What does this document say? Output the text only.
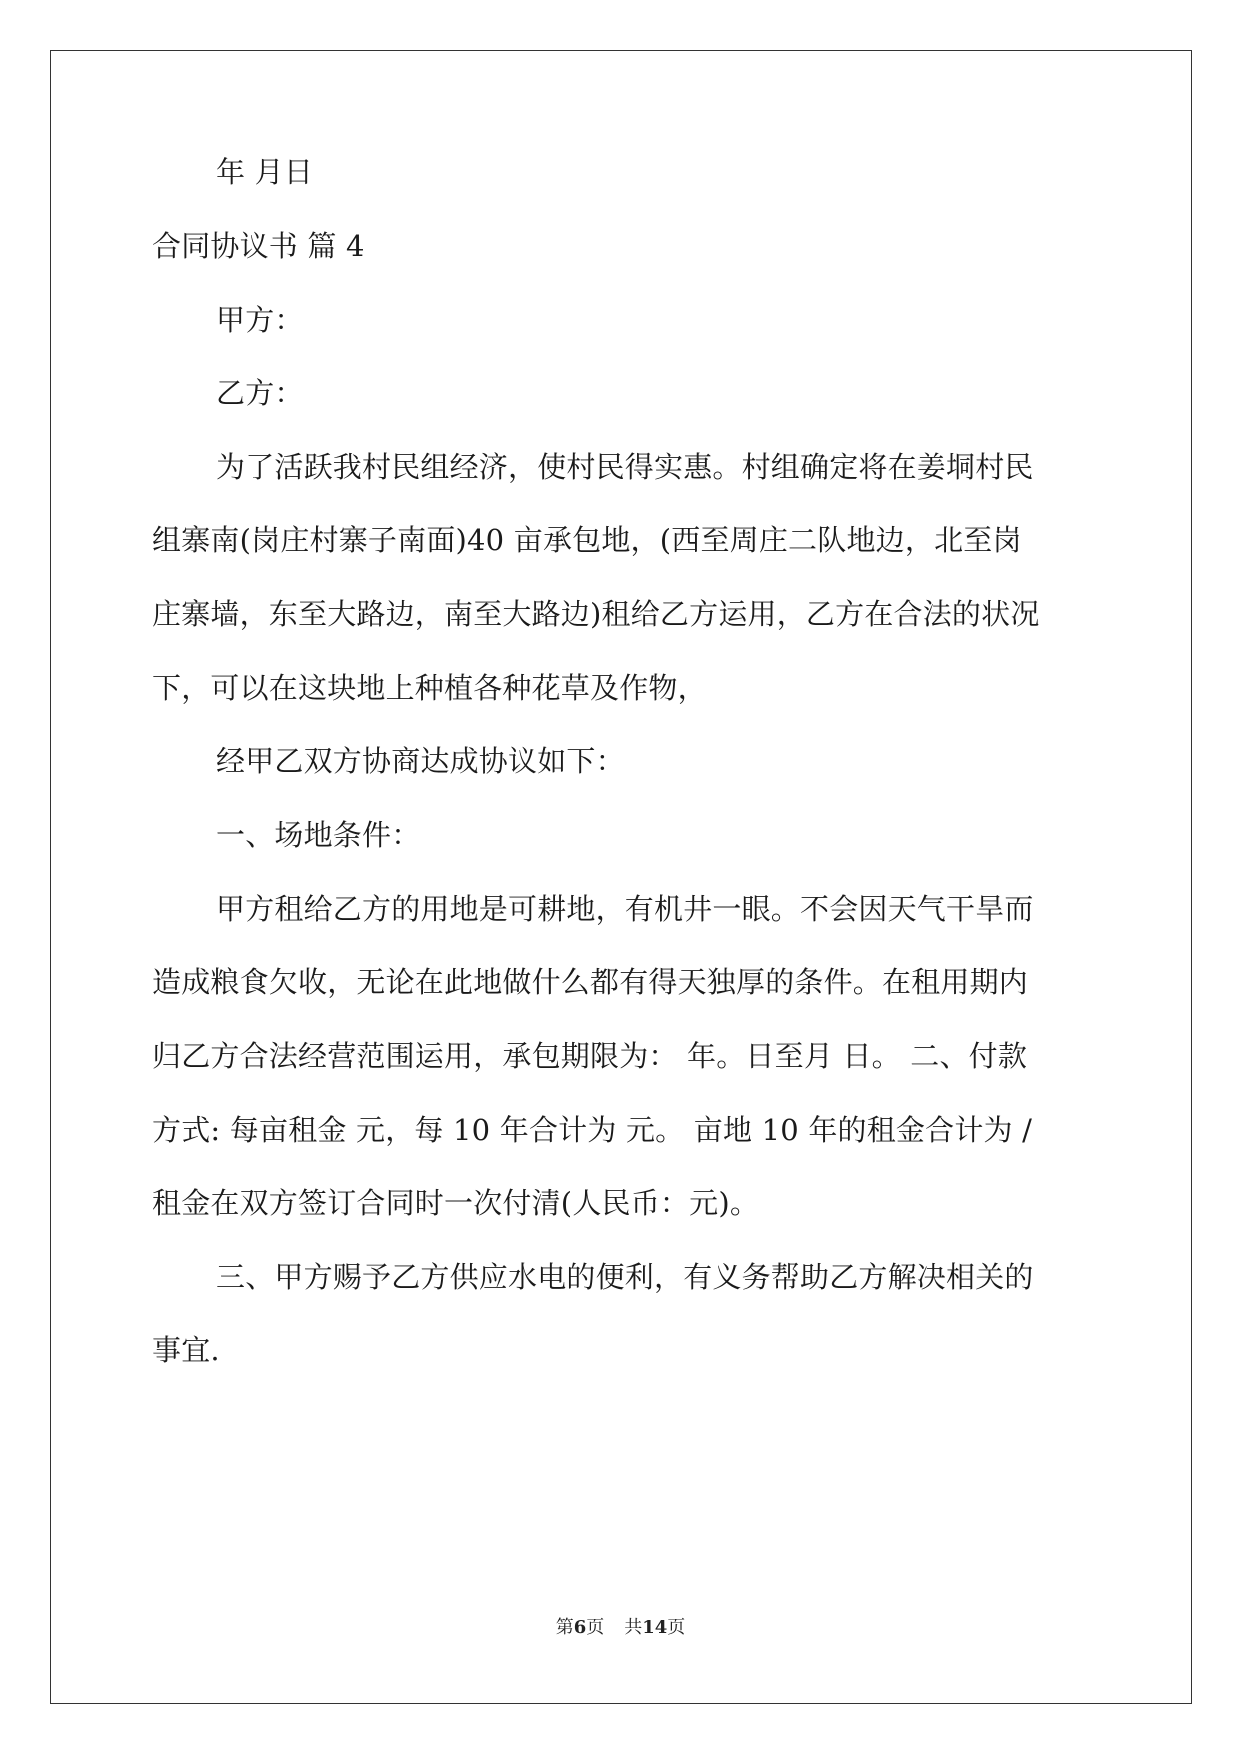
年 月日
合同协议书 篇 4
甲方：
乙方：
为了活跃我村民组经济，使村民得实惠。村组确定将在姜垌村民
组寨南(岗庄村寨子南面)40 亩承包地，(西至周庄二队地边，北至岗
庄寨墙，东至大路边，南至大路边)租给乙方运用，乙方在合法的状况
下，可以在这块地上种植各种花草及作物，
经甲乙双方协商达成协议如下：
一、场地条件：
甲方租给乙方的用地是可耕地，有机井一眼。不会因天气干旱而
造成粮食欠收，无论在此地做什么都有得天独厚的条件。在租用期内
归乙方合法经营范围运用，承包期限为： 年。日至月 日。 二、付款
方式: 每亩租金 元，每 10 年合计为 元。 亩地 10 年的租金合计为 /
租金在双方签订合同时一次付清(人民币：元)。
三、甲方赐予乙方供应水电的便利，有义务帮助乙方解决相关的
事宜.
第6页 共14页
